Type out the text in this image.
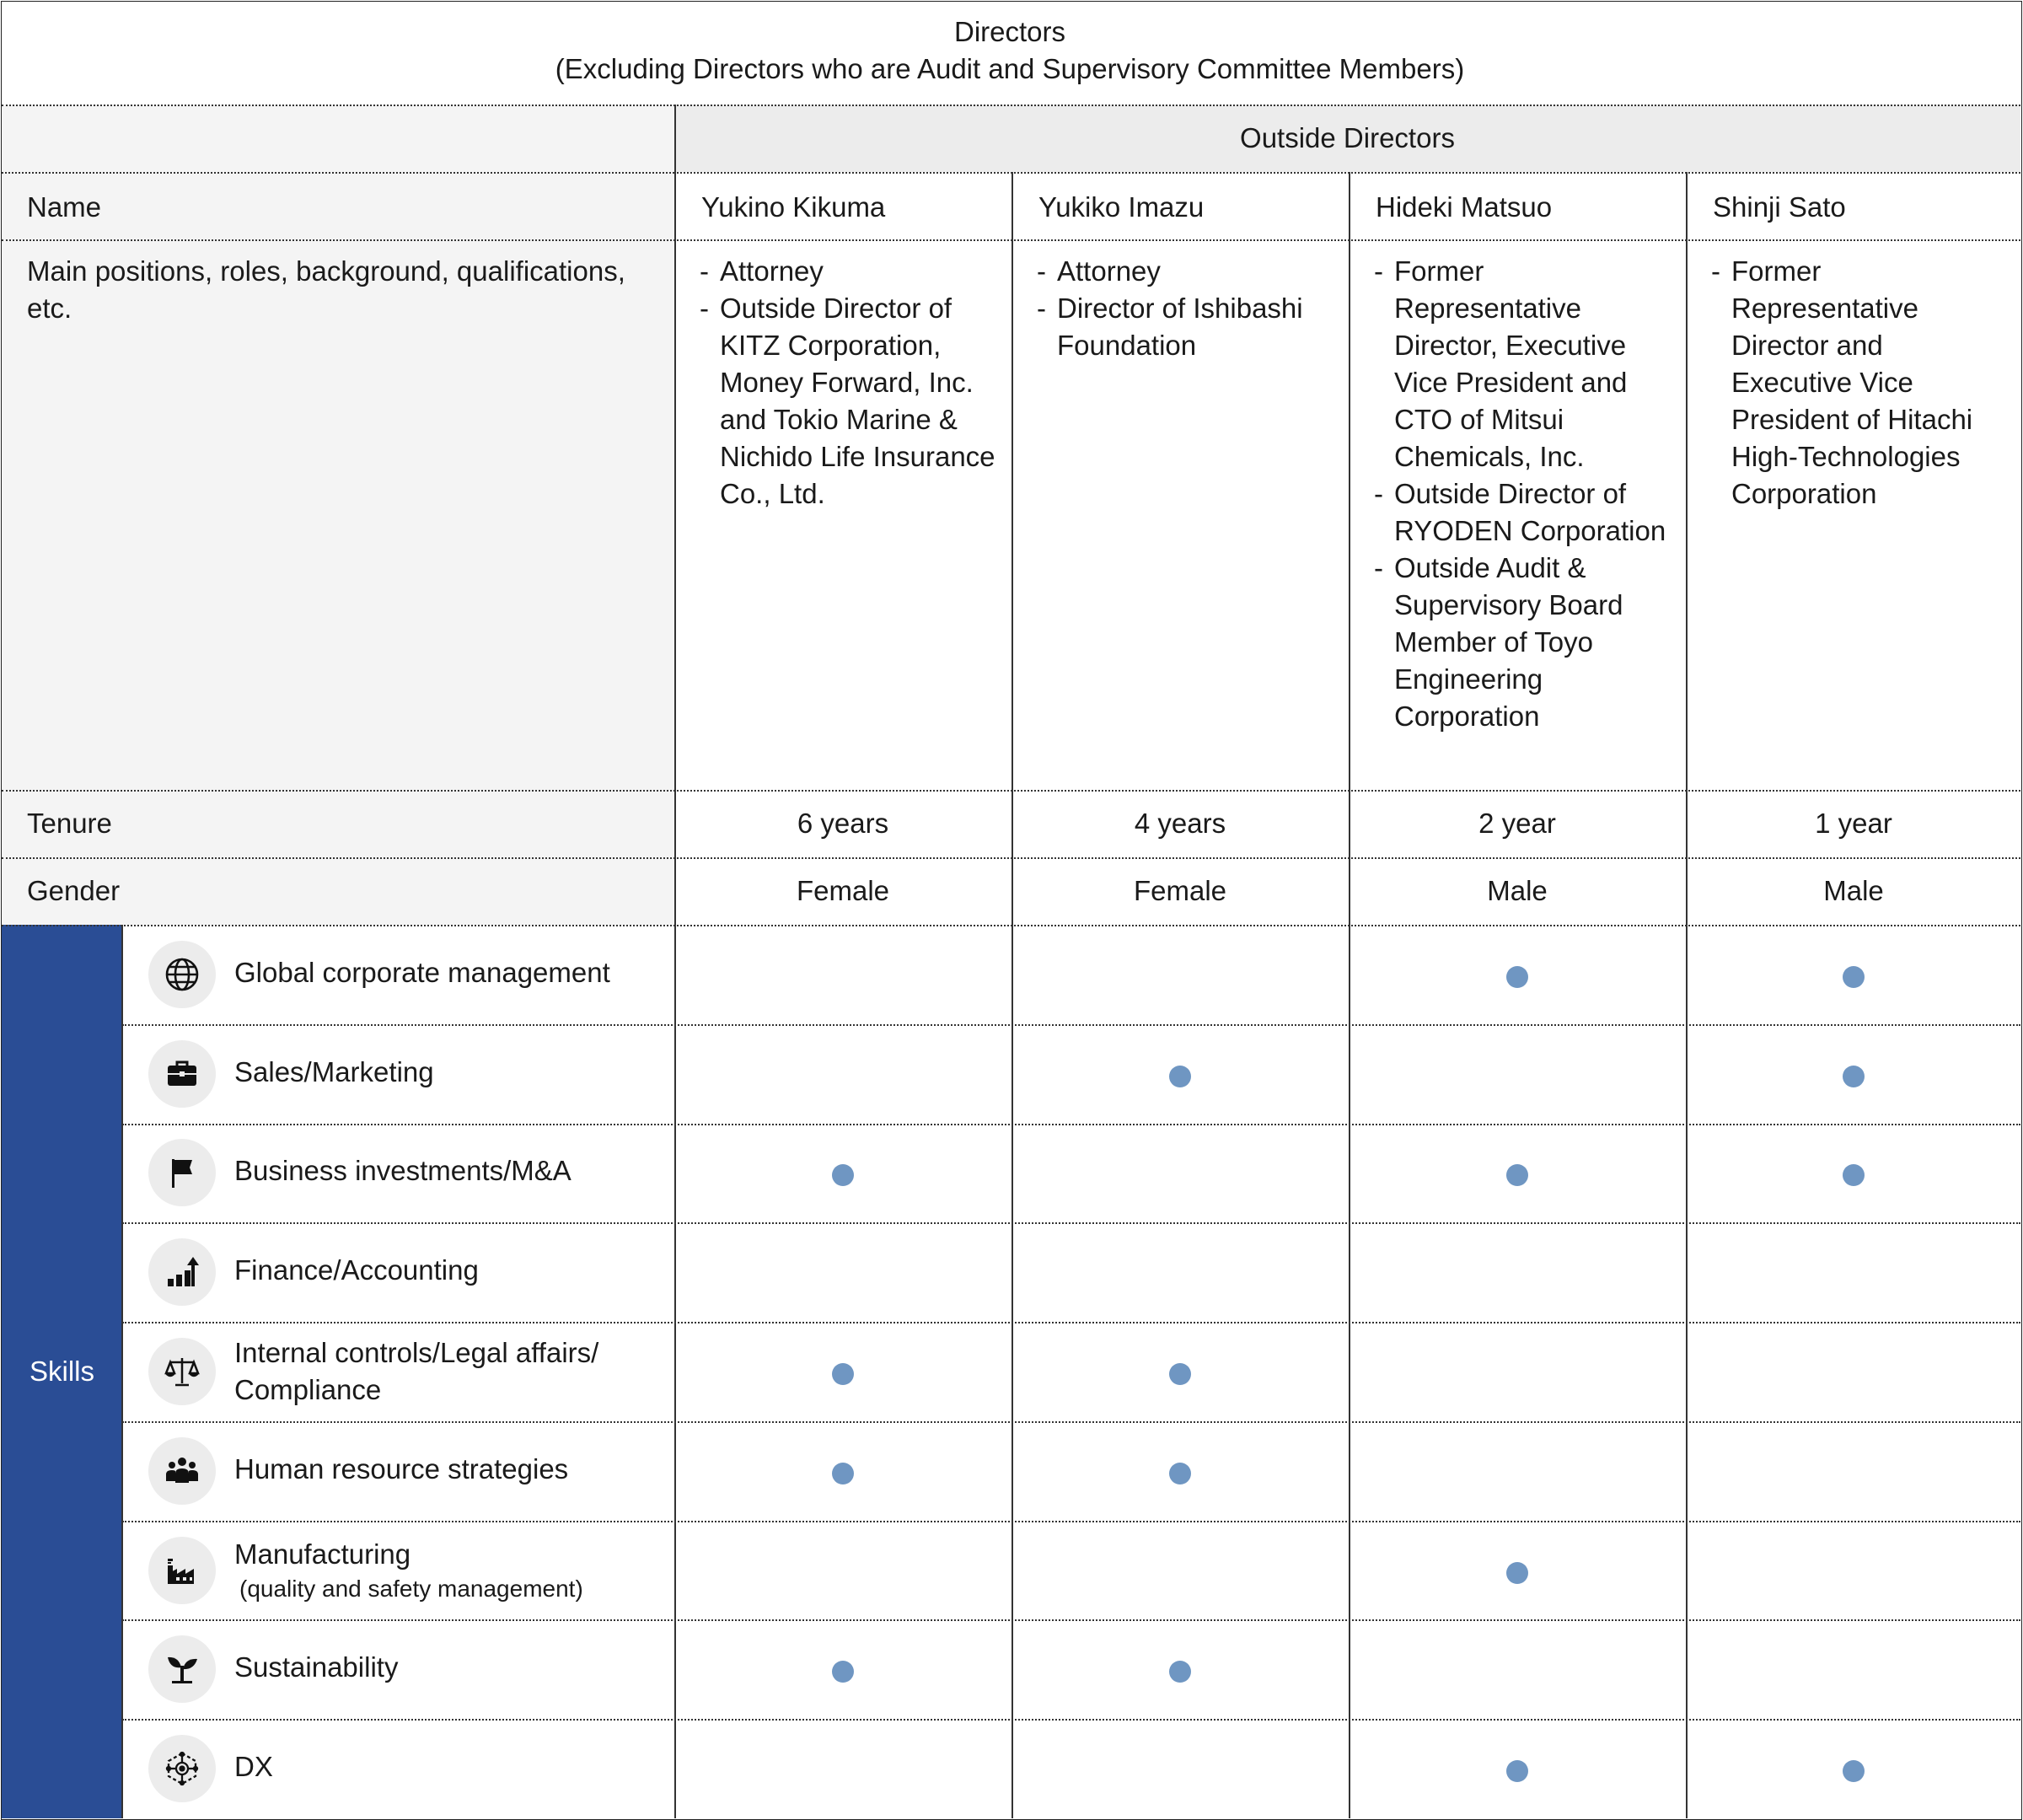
Skills
Directors
(Excluding Directors who are Audit and Supervisory Committee Members)
Outside Directors
Name
Tenure
Gender
Main positions, roles, background, qualifications, etc.
Yukino Kikuma
- Attorney
- Outside Director of KITZ Corporation, Money Forward, Inc. and Tokio Marine & Nichido Life Insurance Co., Ltd.
6 years
Female
Yukiko Imazu
- Attorney
- Director of Ishibashi Foundation
4 years
Female
Hideki Matsuo
- Former Representative Director, Executive Vice President and CTO of Mitsui Chemicals, Inc.
- Outside Director of RYODEN Corporation
- Outside Audit & Supervisory Board Member of Toyo Engineering Corporation
2 year
Male
Shinji Sato
- Former Representative Director and Executive Vice President of Hitachi High-Technologies Corporation
1 year
Male
Global corporate management
Sales/Marketing
Business investments/M&A
Finance/Accounting
Internal controls/Legal affairs/
Compliance
Human resource strategies
Manufacturing
(quality and safety management)
Sustainability
DX
